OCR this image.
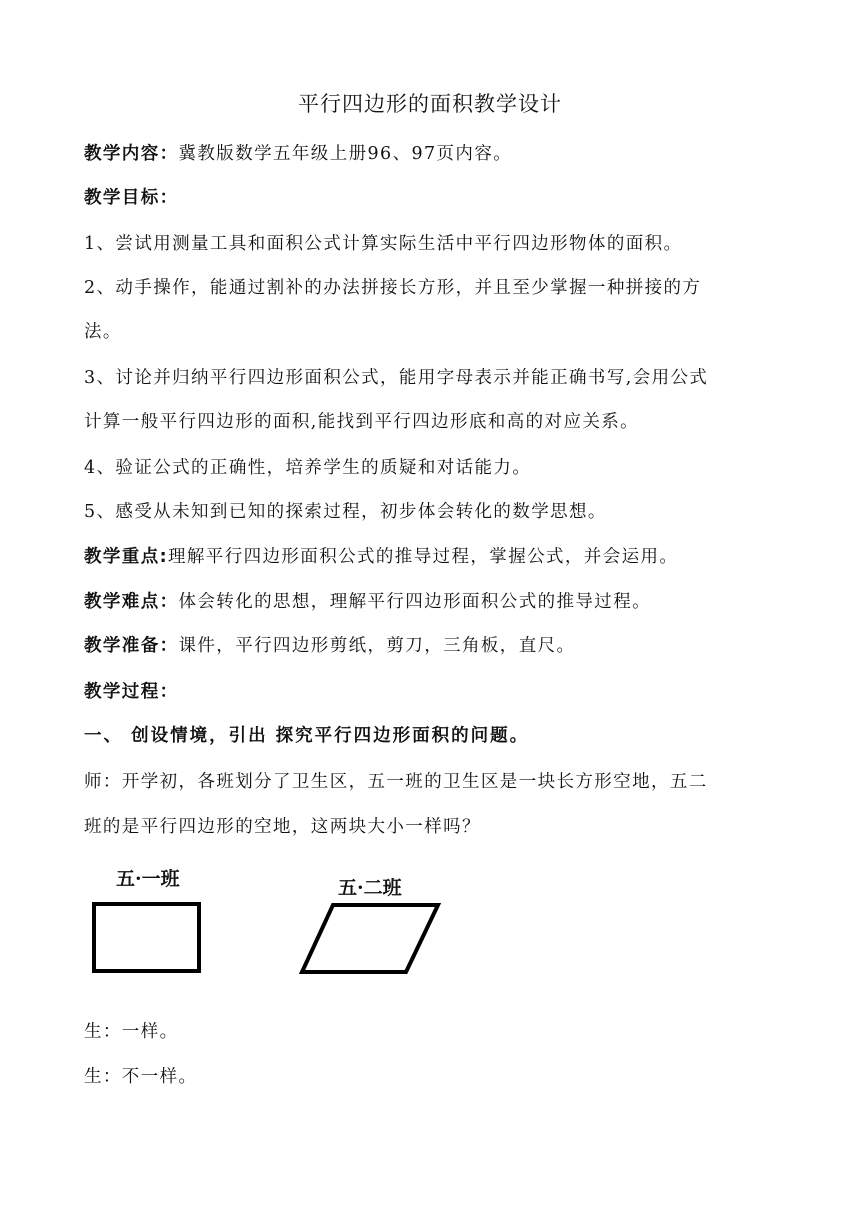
平行四边形的面积教学设计
教学内容：冀教版数学五年级上册96、97页内容。
教学目标：
1、尝试用测量工具和面积公式计算实际生活中平行四边形物体的面积。
2、动手操作，能通过割补的办法拼接长方形，并且至少掌握一种拼接的方
法。
3、讨论并归纳平行四边形面积公式，能用字母表示并能正确书写,会用公式
计算一般平行四边形的面积,能找到平行四边形底和高的对应关系。
4、验证公式的正确性，培养学生的质疑和对话能力。
5、感受从未知到已知的探索过程，初步体会转化的数学思想。
教学重点:理解平行四边形面积公式的推导过程，掌握公式，并会运用。
教学难点：体会转化的思想，理解平行四边形面积公式的推导过程。
教学准备：课件，平行四边形剪纸，剪刀，三角板，直尺。
教学过程：
一、 创设情境，引出 探究平行四边形面积的问题。
师：开学初，各班划分了卫生区，五一班的卫生区是一块长方形空地，五二
班的是平行四边形的空地，这两块大小一样吗？
五·一班	五·二班
生：一样。
生：不一样。
